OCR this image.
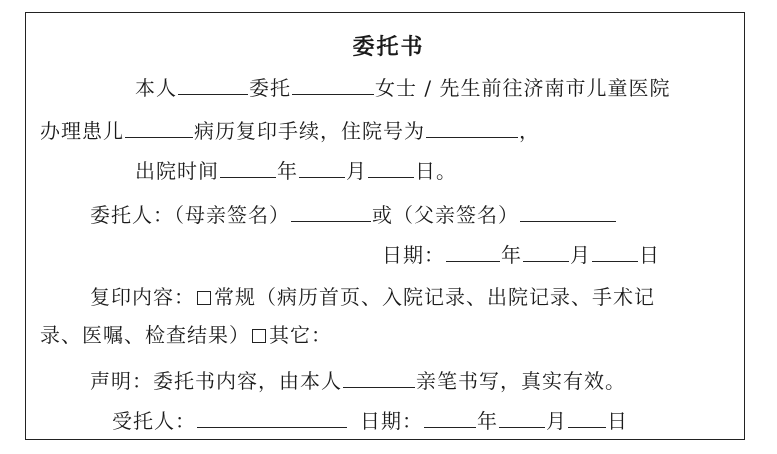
委托书
本人	委托	女士 / 先生前往济南市儿童医院
办理患儿	病历复印手续，住院号为	，
出院时间	年 月 日。
委托人：（母亲签名）	或（父亲签名）
日期：	年 月 日
复印内容： 常规（病历首页、入院记录、出院记录、手术记
录、医嘱、检查结果） 其它：
声明：委托书内容，由本人	亲笔书写，真实有效。
受托人：	日期：	年 月 日
